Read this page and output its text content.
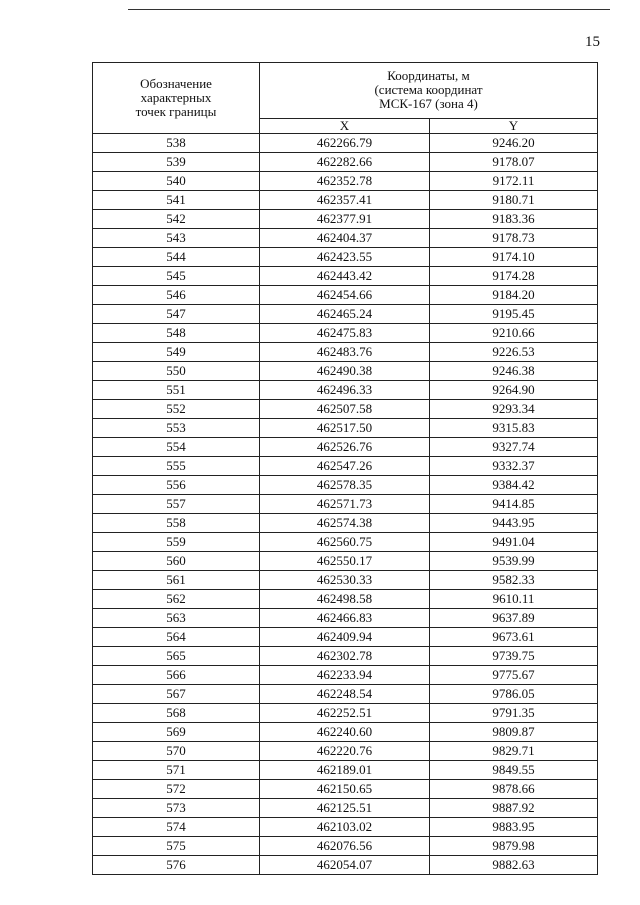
15
Обозначение
характерных
точек границы	Координаты, м
(система координат
МСК-167 (зона 4)	

	X	Y
538	462266.79	9246.20
539	462282.66	9178.07
540	462352.78	9172.11
541	462357.41	9180.71
542	462377.91	9183.36
543	462404.37	9178.73
544	462423.55	9174.10
545	462443.42	9174.28
546	462454.66	9184.20
547	462465.24	9195.45
548	462475.83	9210.66
549	462483.76	9226.53
550	462490.38	9246.38
551	462496.33	9264.90
552	462507.58	9293.34
553	462517.50	9315.83
554	462526.76	9327.74
555	462547.26	9332.37
556	462578.35	9384.42
557	462571.73	9414.85
558	462574.38	9443.95
559	462560.75	9491.04
560	462550.17	9539.99
561	462530.33	9582.33
562	462498.58	9610.11
563	462466.83	9637.89
564	462409.94	9673.61
565	462302.78	9739.75
566	462233.94	9775.67
567	462248.54	9786.05
568	462252.51	9791.35
569	462240.60	9809.87
570	462220.76	9829.71
571	462189.01	9849.55
572	462150.65	9878.66
573	462125.51	9887.92
574	462103.02	9883.95
575	462076.56	9879.98
576	462054.07	9882.63
